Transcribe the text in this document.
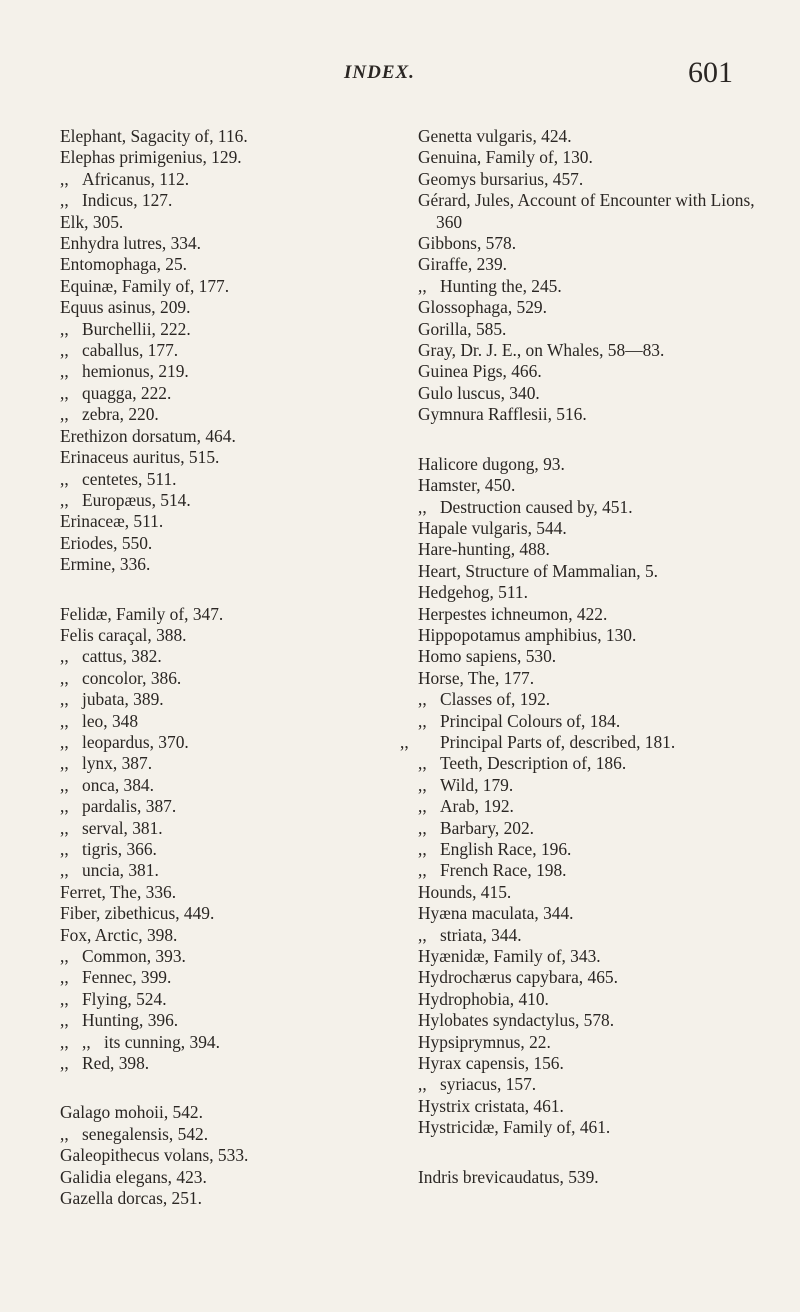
INDEX.	601
Elephant, Sagacity of, 116.
Elephas primigenius, 129.
,, Africanus, 112.
,, Indicus, 127.
Elk, 305.
Enhydra lutres, 334.
Entomophaga, 25.
Equinæ, Family of, 177.
Equus asinus, 209.
,, Burchellii, 222.
,, caballus, 177.
,, hemionus, 219.
,, quagga, 222.
,, zebra, 220.
Erethizon dorsatum, 464.
Erinaceus auritus, 515.
,, centetes, 511.
,, Europæus, 514.
Erinaceæ, 511.
Eriodes, 550.
Ermine, 336.
Felidæ, Family of, 347.
Felis caraçal, 388.
,, cattus, 382.
,, concolor, 386.
,, jubata, 389.
,, leo, 348
,, leopardus, 370.
,, lynx, 387.
,, onca, 384.
,, pardalis, 387.
,, serval, 381.
,, tigris, 366.
,, uncia, 381.
Ferret, The, 336.
Fiber, zibethicus, 449.
Fox, Arctic, 398.
,, Common, 393.
,, Fennec, 399.
,, Flying, 524.
,, Hunting, 396.
,, ,, its cunning, 394.
,, Red, 398.
Galago mohoii, 542.
,, senegalensis, 542.
Galeopithecus volans, 533.
Galidia elegans, 423.
Gazella dorcas, 251.
Genetta vulgaris, 424.
Genuina, Family of, 130.
Geomys bursarius, 457.
Gérard, Jules, Account of Encounter with Lions, 360
Gibbons, 578.
Giraffe, 239.
,, Hunting the, 245.
Glossophaga, 529.
Gorilla, 585.
Gray, Dr. J. E., on Whales, 58—83.
Guinea Pigs, 466.
Gulo luscus, 340.
Gymnura Rafflesii, 516.
Halicore dugong, 93.
Hamster, 450.
,, Destruction caused by, 451.
Hapale vulgaris, 544.
Hare-hunting, 488.
Heart, Structure of Mammalian, 5.
Hedgehog, 511.
Herpestes ichneumon, 422.
Hippopotamus amphibius, 130.
Homo sapiens, 530.
Horse, The, 177.
,, Classes of, 192.
,, Principal Colours of, 184.
,, Principal Parts of, described, 181.
,, Teeth, Description of, 186.
,, Wild, 179.
,, Arab, 192.
,, Barbary, 202.
,, English Race, 196.
,, French Race, 198.
Hounds, 415.
Hyæna maculata, 344.
,, striata, 344.
Hyænidæ, Family of, 343.
Hydrochærus capybara, 465.
Hydrophobia, 410.
Hylobates syndactylus, 578.
Hypsiprymnus, 22.
Hyrax capensis, 156.
,, syriacus, 157.
Hystrix cristata, 461.
Hystricidæ, Family of, 461.
Indris brevicaudatus, 539.
